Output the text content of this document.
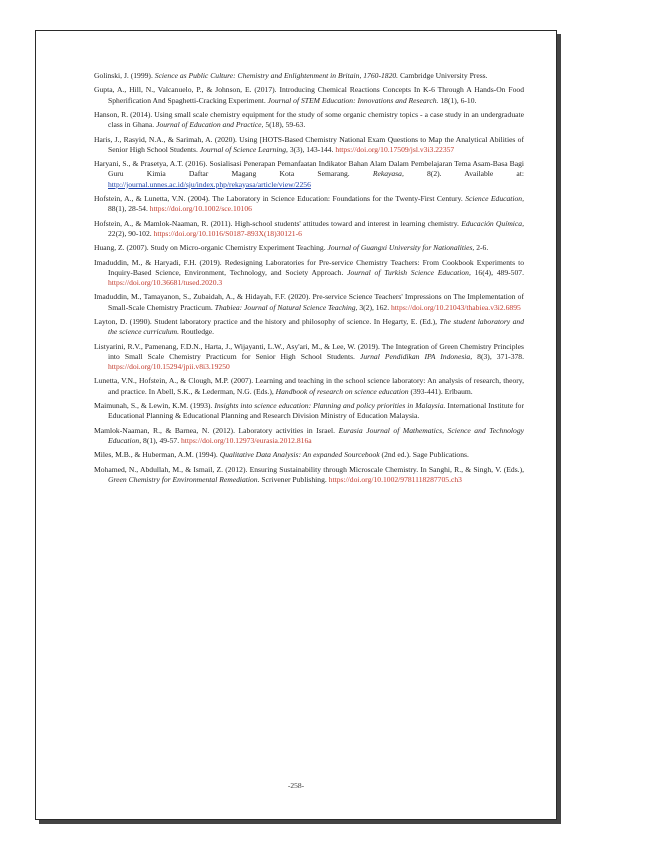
Golinski, J. (1999). Science as Public Culture: Chemistry and Enlightenment in Britain, 1760-1820. Cambridge University Press.

Gupta, A., Hill, N., Valcanuelo, P., & Johnson, E. (2017). Introducing Chemical Reactions Concepts In K-6 Through A Hands-On Food Spherification And Spaghetti-Cracking Experiment. Journal of STEM Education: Innovations and Research. 18(1), 6-10.

Hanson, R. (2014). Using small scale chemistry equipment for the study of some organic chemistry topics - a case study in an undergraduate class in Ghana. Journal of Education and Practice, 5(18), 59-63.

Haris, J., Rasyid, N.A., & Sarimah, A. (2020). Using [HOTS-Based Chemistry National Exam Questions to Map the Analytical Abilities of Senior High School Students. Journal of Science Learning, 3(3), 143-144. https://doi.org/10.17509/jsl.v3i3.22357

Haryani, S., & Prasetya, A.T. (2016). Sosialisasi Penerapan Pemanfaatan Indikator Bahan Alam Dalam Pembelajaran Tema Asam-Basa Bagi Guru Kimia Daftar Magang Kota Semarang. Rekayasa, 8(2). Available at: http://journal.unnes.ac.id/sju/index.php/rekayasa/article/view/2256

Hofstein, A., & Lunetta, V.N. (2004). The Laboratory in Science Education: Foundations for the Twenty-First Century. Science Education, 88(1), 28-54. https://doi.org/10.1002/sce.10106

Hofstein, A., & Mamlok-Naaman, R. (2011). High-school students' attitudes toward and interest in learning chemistry. Educación Química, 22(2), 90-102. https://doi.org/10.1016/S0187-893X(18)30121-6

Huang, Z. (2007). Study on Micro-organic Chemistry Experiment Teaching. Journal of Guangxi University for Nationalities, 2-6.

Imaduddin, M., & Haryadi, F.H. (2019). Redesigning Laboratories for Pre-service Chemistry Teachers: From Cookbook Experiments to Inquiry-Based Science, Environment, Technology, and Society Approach. Journal of Turkish Science Education, 16(4), 489-507. https://doi.org/10.36681/tused.2020.3

Imaduddin, M., Tamayanon, S., Zubaidah, A., & Hidayah, F.F. (2020). Pre-service Science Teachers' Impressions on The Implementation of Small-Scale Chemistry Practicum. Thabiea: Journal of Natural Science Teaching, 3(2), 162. https://doi.org/10.21043/thabiea.v3i2.6895

Layton, D. (1990). Student laboratory practice and the history and philosophy of science. In Hegarty, E. (Ed.), The student laboratory and the science curriculum. Routledge.

Listyarini, R.V., Pamenang, F.D.N., Harta, J., Wijayanti, L.W., Asy'ari, M., & Lee, W. (2019). The Integration of Green Chemistry Principles into Small Scale Chemistry Practicum for Senior High School Students. Jurnal Pendidikan IPA Indonesia, 8(3), 371-378. https://doi.org/10.15294/jpii.v8i3.19250

Lunetta, V.N., Hofstein, A., & Clough, M.P. (2007). Learning and teaching in the school science laboratory: An analysis of research, theory, and practice. In Abell, S.K., & Lederman, N.G. (Eds.), Handbook of research on science education (393-441). Erlbaum.

Maimunah, S., & Lewin, K.M. (1993). Insights into science education: Planning and policy priorities in Malaysia. International Institute for Educational Planning & Educational Planning and Research Division Ministry of Education Malaysia.

Mamlok-Naaman, R., & Barnea, N. (2012). Laboratory activities in Israel. Eurasia Journal of Mathematics, Science and Technology Education, 8(1), 49-57. https://doi.org/10.12973/eurasia.2012.816a

Miles, M.B., & Huberman, A.M. (1994). Qualitative Data Analysis: An expanded Sourcebook (2nd ed.). Sage Publications.

Mohamed, N., Abdullah, M., & Ismail, Z. (2012). Ensuring Sustainability through Microscale Chemistry. In Sanghi, R., & Singh, V. (Eds.), Green Chemistry for Environmental Remediation. Scrivener Publishing. https://doi.org/10.1002/9781118287705.ch3

-258-
